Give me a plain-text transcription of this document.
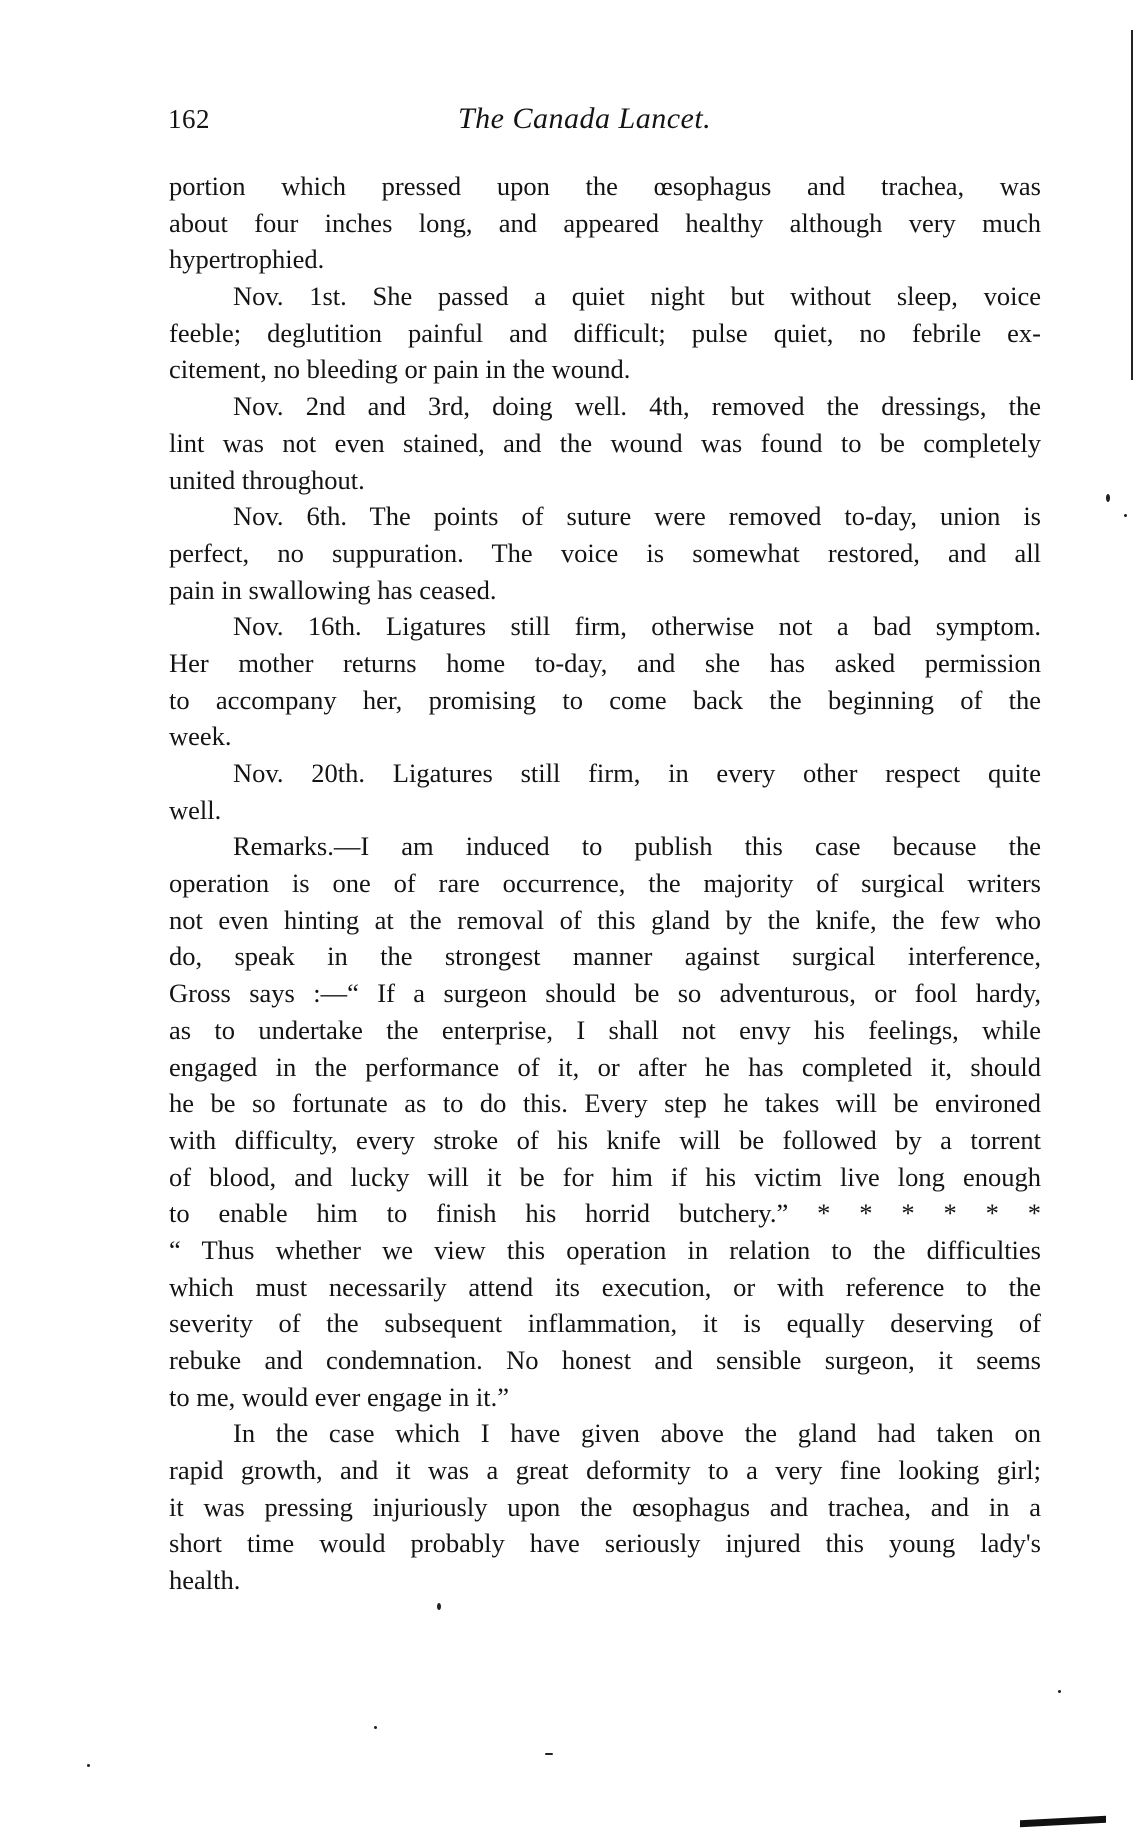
162	The Canada Lancet.
portion which pressed upon the œsophagus and trachea, was
about four inches long, and appeared healthy although very much
hypertrophied.
Nov. 1st. She passed a quiet night but without sleep, voice
feeble; deglutition painful and difficult; pulse quiet, no febrile ex-
citement, no bleeding or pain in the wound.
Nov. 2nd and 3rd, doing well. 4th, removed the dressings, the
lint was not even stained, and the wound was found to be completely
united throughout.
Nov. 6th. The points of suture were removed to-day, union is
perfect, no suppuration. The voice is somewhat restored, and all
pain in swallowing has ceased.
Nov. 16th. Ligatures still firm, otherwise not a bad symptom.
Her mother returns home to-day, and she has asked permission
to accompany her, promising to come back the beginning of the
week.
Nov. 20th. Ligatures still firm, in every other respect quite
well.
Remarks.—I am induced to publish this case because the
operation is one of rare occurrence, the majority of surgical writers
not even hinting at the removal of this gland by the knife, the few who
do, speak in the strongest manner against surgical interference,
Gross says :—“ If a surgeon should be so adventurous, or fool hardy,
as to undertake the enterprise, I shall not envy his feelings, while
engaged in the performance of it, or after he has completed it, should
he be so fortunate as to do this. Every step he takes will be environed
with difficulty, every stroke of his knife will be followed by a torrent
of blood, and lucky will it be for him if his victim live long enough
to enable him to finish his horrid butchery.” * * * * * *
“ Thus whether we view this operation in relation to the difficulties
which must necessarily attend its execution, or with reference to the
severity of the subsequent inflammation, it is equally deserving of
rebuke and condemnation. No honest and sensible surgeon, it seems
to me, would ever engage in it.”
In the case which I have given above the gland had taken on
rapid growth, and it was a great deformity to a very fine looking girl;
it was pressing injuriously upon the œsophagus and trachea, and in a
short time would probably have seriously injured this young lady's
health.
